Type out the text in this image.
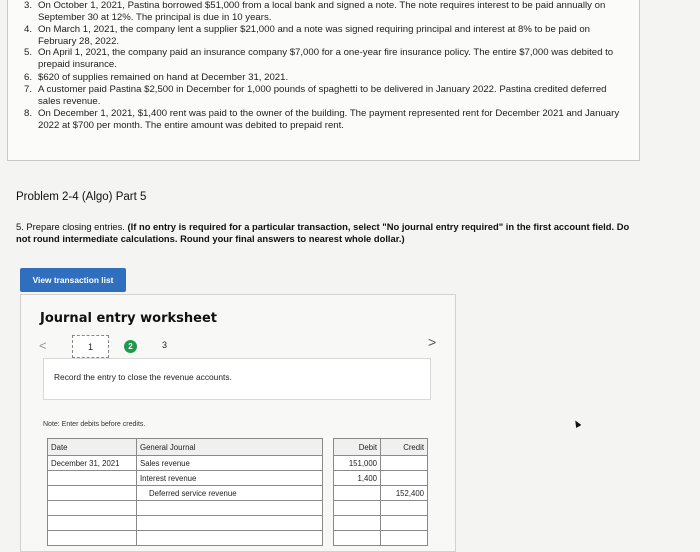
3. On October 1, 2021, Pastina borrowed $51,000 from a local bank and signed a note. The note requires interest to be paid annually on September 30 at 12%. The principal is due in 10 years.
4. On March 1, 2021, the company lent a supplier $21,000 and a note was signed requiring principal and interest at 8% to be paid on February 28, 2022.
5. On April 1, 2021, the company paid an insurance company $7,000 for a one-year fire insurance policy. The entire $7,000 was debited to prepaid insurance.
6. $620 of supplies remained on hand at December 31, 2021.
7. A customer paid Pastina $2,500 in December for 1,000 pounds of spaghetti to be delivered in January 2022. Pastina credited deferred sales revenue.
8. On December 1, 2021, $1,400 rent was paid to the owner of the building. The payment represented rent for December 2021 and January 2022 at $700 per month. The entire amount was debited to prepaid rent.
Problem 2-4 (Algo) Part 5
5. Prepare closing entries. (If no entry is required for a particular transaction, select "No journal entry required" in the first account field. Do not round intermediate calculations. Round your final answers to nearest whole dollar.)
View transaction list
Journal entry worksheet
<	1	2	3
Record the entry to close the revenue accounts.
Note: Enter debits before credits.
>
Date	General Journal		Debit	Credit
December 31, 2021	Sales revenue		151,000	
	Interest revenue		1,400	
	Deferred service revenue			152,400
